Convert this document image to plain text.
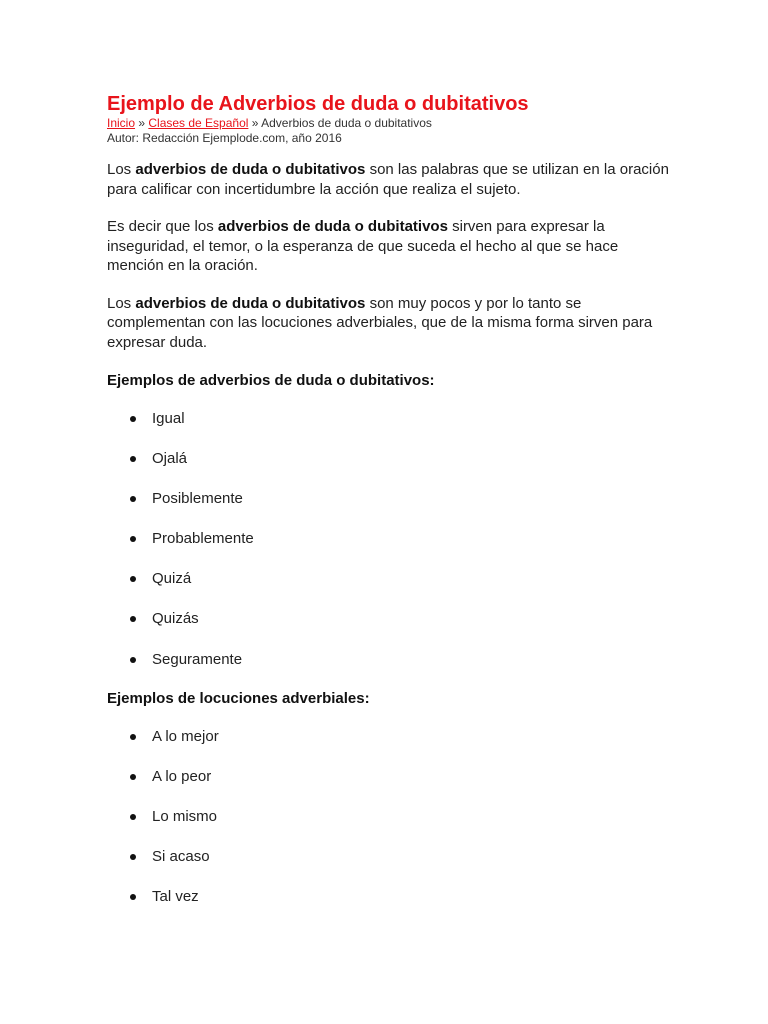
Ejemplo de Adverbios de duda o dubitativos
Inicio » Clases de Español » Adverbios de duda o dubitativos
Autor: Redacción Ejemplode.com, año 2016

Los adverbios de duda o dubitativos son las palabras que se utilizan en la oración para calificar con incertidumbre la acción que realiza el sujeto.

Es decir que los adverbios de duda o dubitativos sirven para expresar la inseguridad, el temor, o la esperanza de que suceda el hecho al que se hace mención en la oración.

Los adverbios de duda o dubitativos son muy pocos y por lo tanto se complementan con las locuciones adverbiales, que de la misma forma sirven para expresar duda.

Ejemplos de adverbios de duda o dubitativos:
Igual
Ojalá
Posiblemente
Probablemente
Quizá
Quizás
Seguramente
Ejemplos de locuciones adverbiales:
A lo mejor
A lo peor
Lo mismo
Si acaso
Tal vez
